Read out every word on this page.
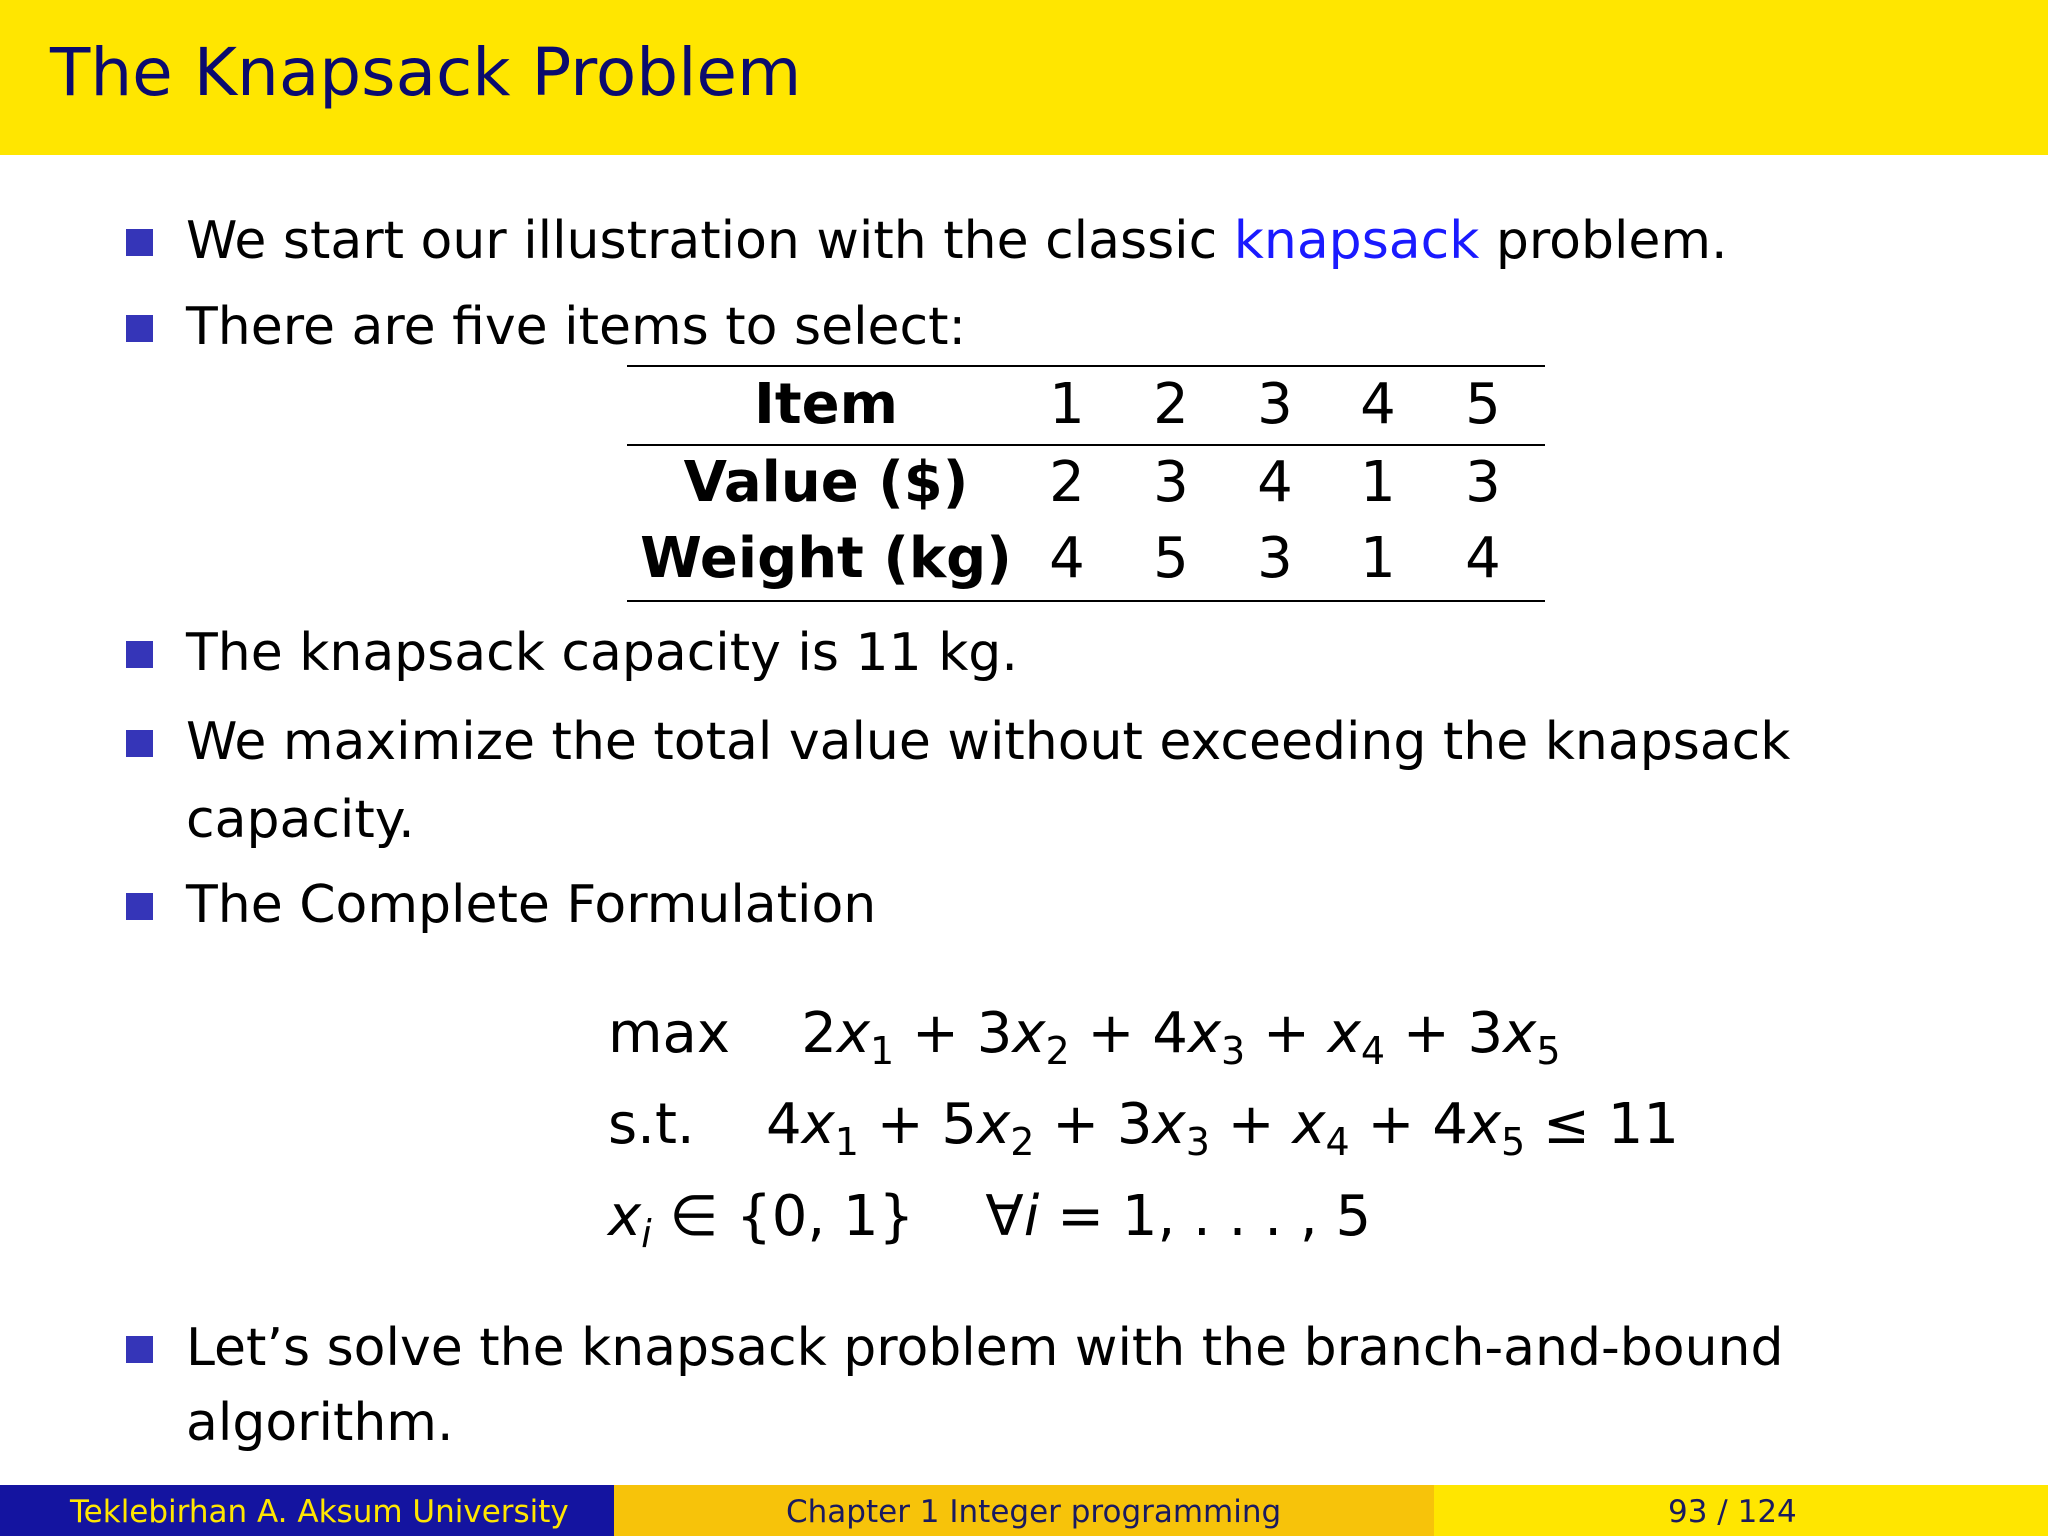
The Knapsack Problem
We start our illustration with the classic knapsack problem.
There are five items to select:
Item	1 2 3 4 5
Value ($)	2 3 4 1 3
Weight (kg) 4 5 3 1 4
The knapsack capacity is 11 kg.
We maximize the total value without exceeding the knapsack
capacity.
The Complete Formulation
max    $2x_1 + 3x_2 + 4x_3 + x_4 + 3x_5$
s.t.    $4x_1 + 5x_2 + 3x_3 + x_4 + 4x_5 \le 11$
$x_i$ ∈ {0, 1}    ∀i = 1, . . . , 5
Let’s solve the knapsack problem with the branch-and-bound
algorithm.
Teklebirhan A. Aksum University	Chapter 1 Integer programming	93 / 124
